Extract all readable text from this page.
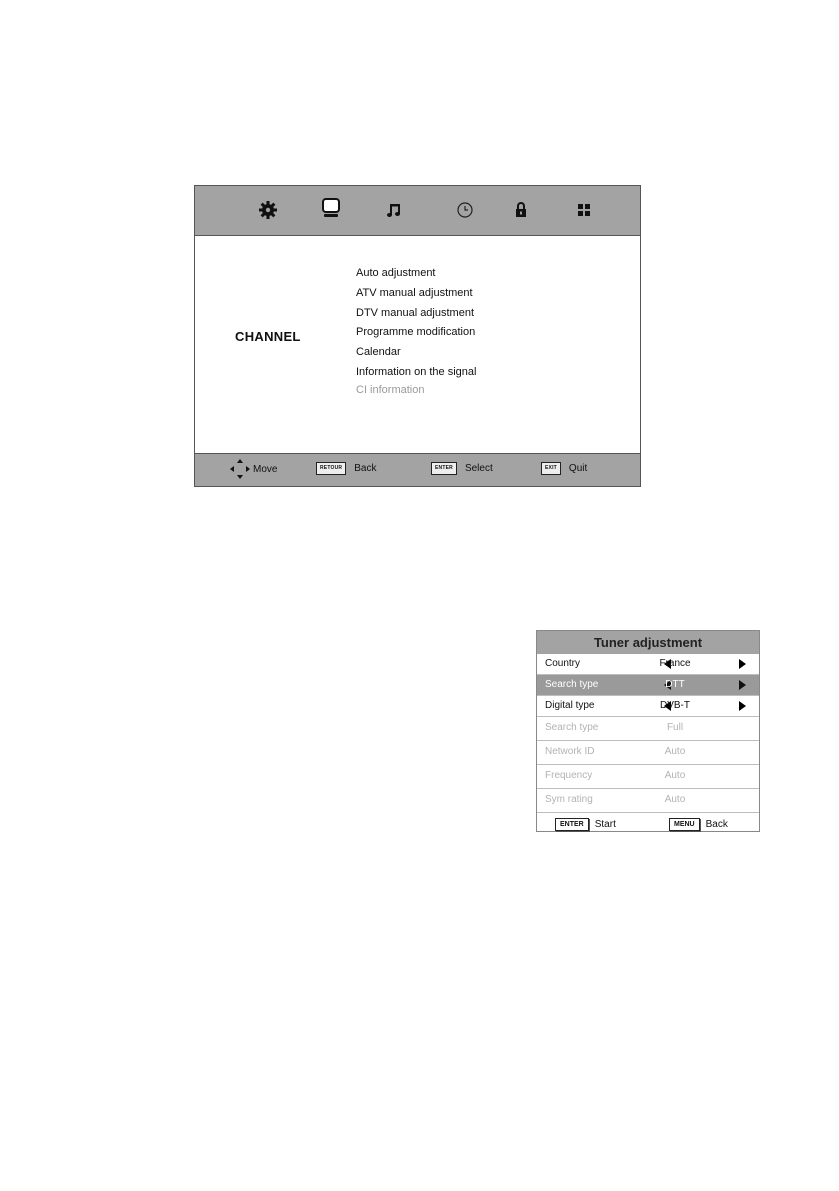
CHANNEL
Auto adjustment
ATV manual adjustment
DTV manual adjustment
Programme modification
Calendar
Information on the signal
CI information
Move	RETOUR	Back	ENTER	Select	EXIT	Quit
Tuner adjustment
Country	France
Search type	DTT
Digital type	DVB-T
Search type	Full
Network ID	Auto
Frequency	Auto
Sym rating	Auto
ENTER	Start	MENU	Back
